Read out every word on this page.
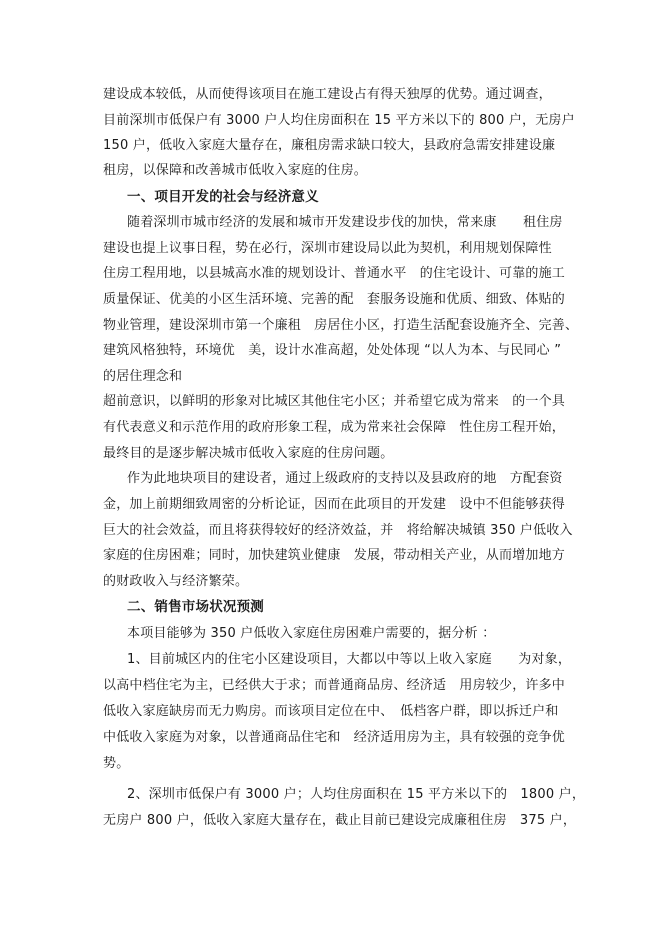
建设成本较低，从而使得该项目在施工建设占有得天独厚的优势。通过调查，
目前深圳市低保户有 3000 户人均住房面积在 15 平方米以下的 800 户，无房户
150 户，低收入家庭大量存在，廉租房需求缺口较大，县政府急需安排建设廉
租房，以保障和改善城市低收入家庭的住房。
一、项目开发的社会与经济意义
随着深圳市城市经济的发展和城市开发建设步伐的加快，常来康　　租住房
建设也提上议事日程，势在必行，深圳市建设局以此为契机，利用规划保障性
住房工程用地，以县城高水准的规划设计、普通水平　的住宅设计、可靠的施工
质量保证、优美的小区生活环境、完善的配　套服务设施和优质、细致、体贴的
物业管理，建设深圳市第一个廉租　房居住小区，打造生活配套设施齐全、完善、
建筑风格独特，环境优　美，设计水准高超，处处体现 “以人为本、与民同心 ”
的居住理念和
超前意识，以鲜明的形象对比城区其他住宅小区；并希望它成为常来　的一个具
有代表意义和示范作用的政府形象工程，成为常来社会保障　性住房工程开始，
最终目的是逐步解决城市低收入家庭的住房问题。
作为此地块项目的建设者，通过上级政府的支持以及县政府的地　方配套资
金，加上前期细致周密的分析论证，因而在此项目的开发建　设中不但能够获得
巨大的社会效益，而且将获得较好的经济效益，并　将给解决城镇 350 户低收入
家庭的住房困难；同时，加快建筑业健康　发展，带动相关产业，从而增加地方
的财政收入与经济繁荣。
二、销售市场状况预测
本项目能够为 350 户低收入家庭住房困难户需要的，据分析 ：
1、目前城区内的住宅小区建设项目，大都以中等以上收入家庭　　为对象，
以高中档住宅为主，已经供大于求；而普通商品房、经济适　用房较少，许多中
低收入家庭缺房而无力购房。而该项目定位在中、　低档客户群，即以拆迁户和
中低收入家庭为对象，以普通商品住宅和　经济适用房为主，具有较强的竞争优
势。
2、深圳市低保户有 3000 户；人均住房面积在 15 平方米以下的　1800 户，
无房户 800 户，低收入家庭大量存在，截止目前已建设完成廉租住房　375 户，
